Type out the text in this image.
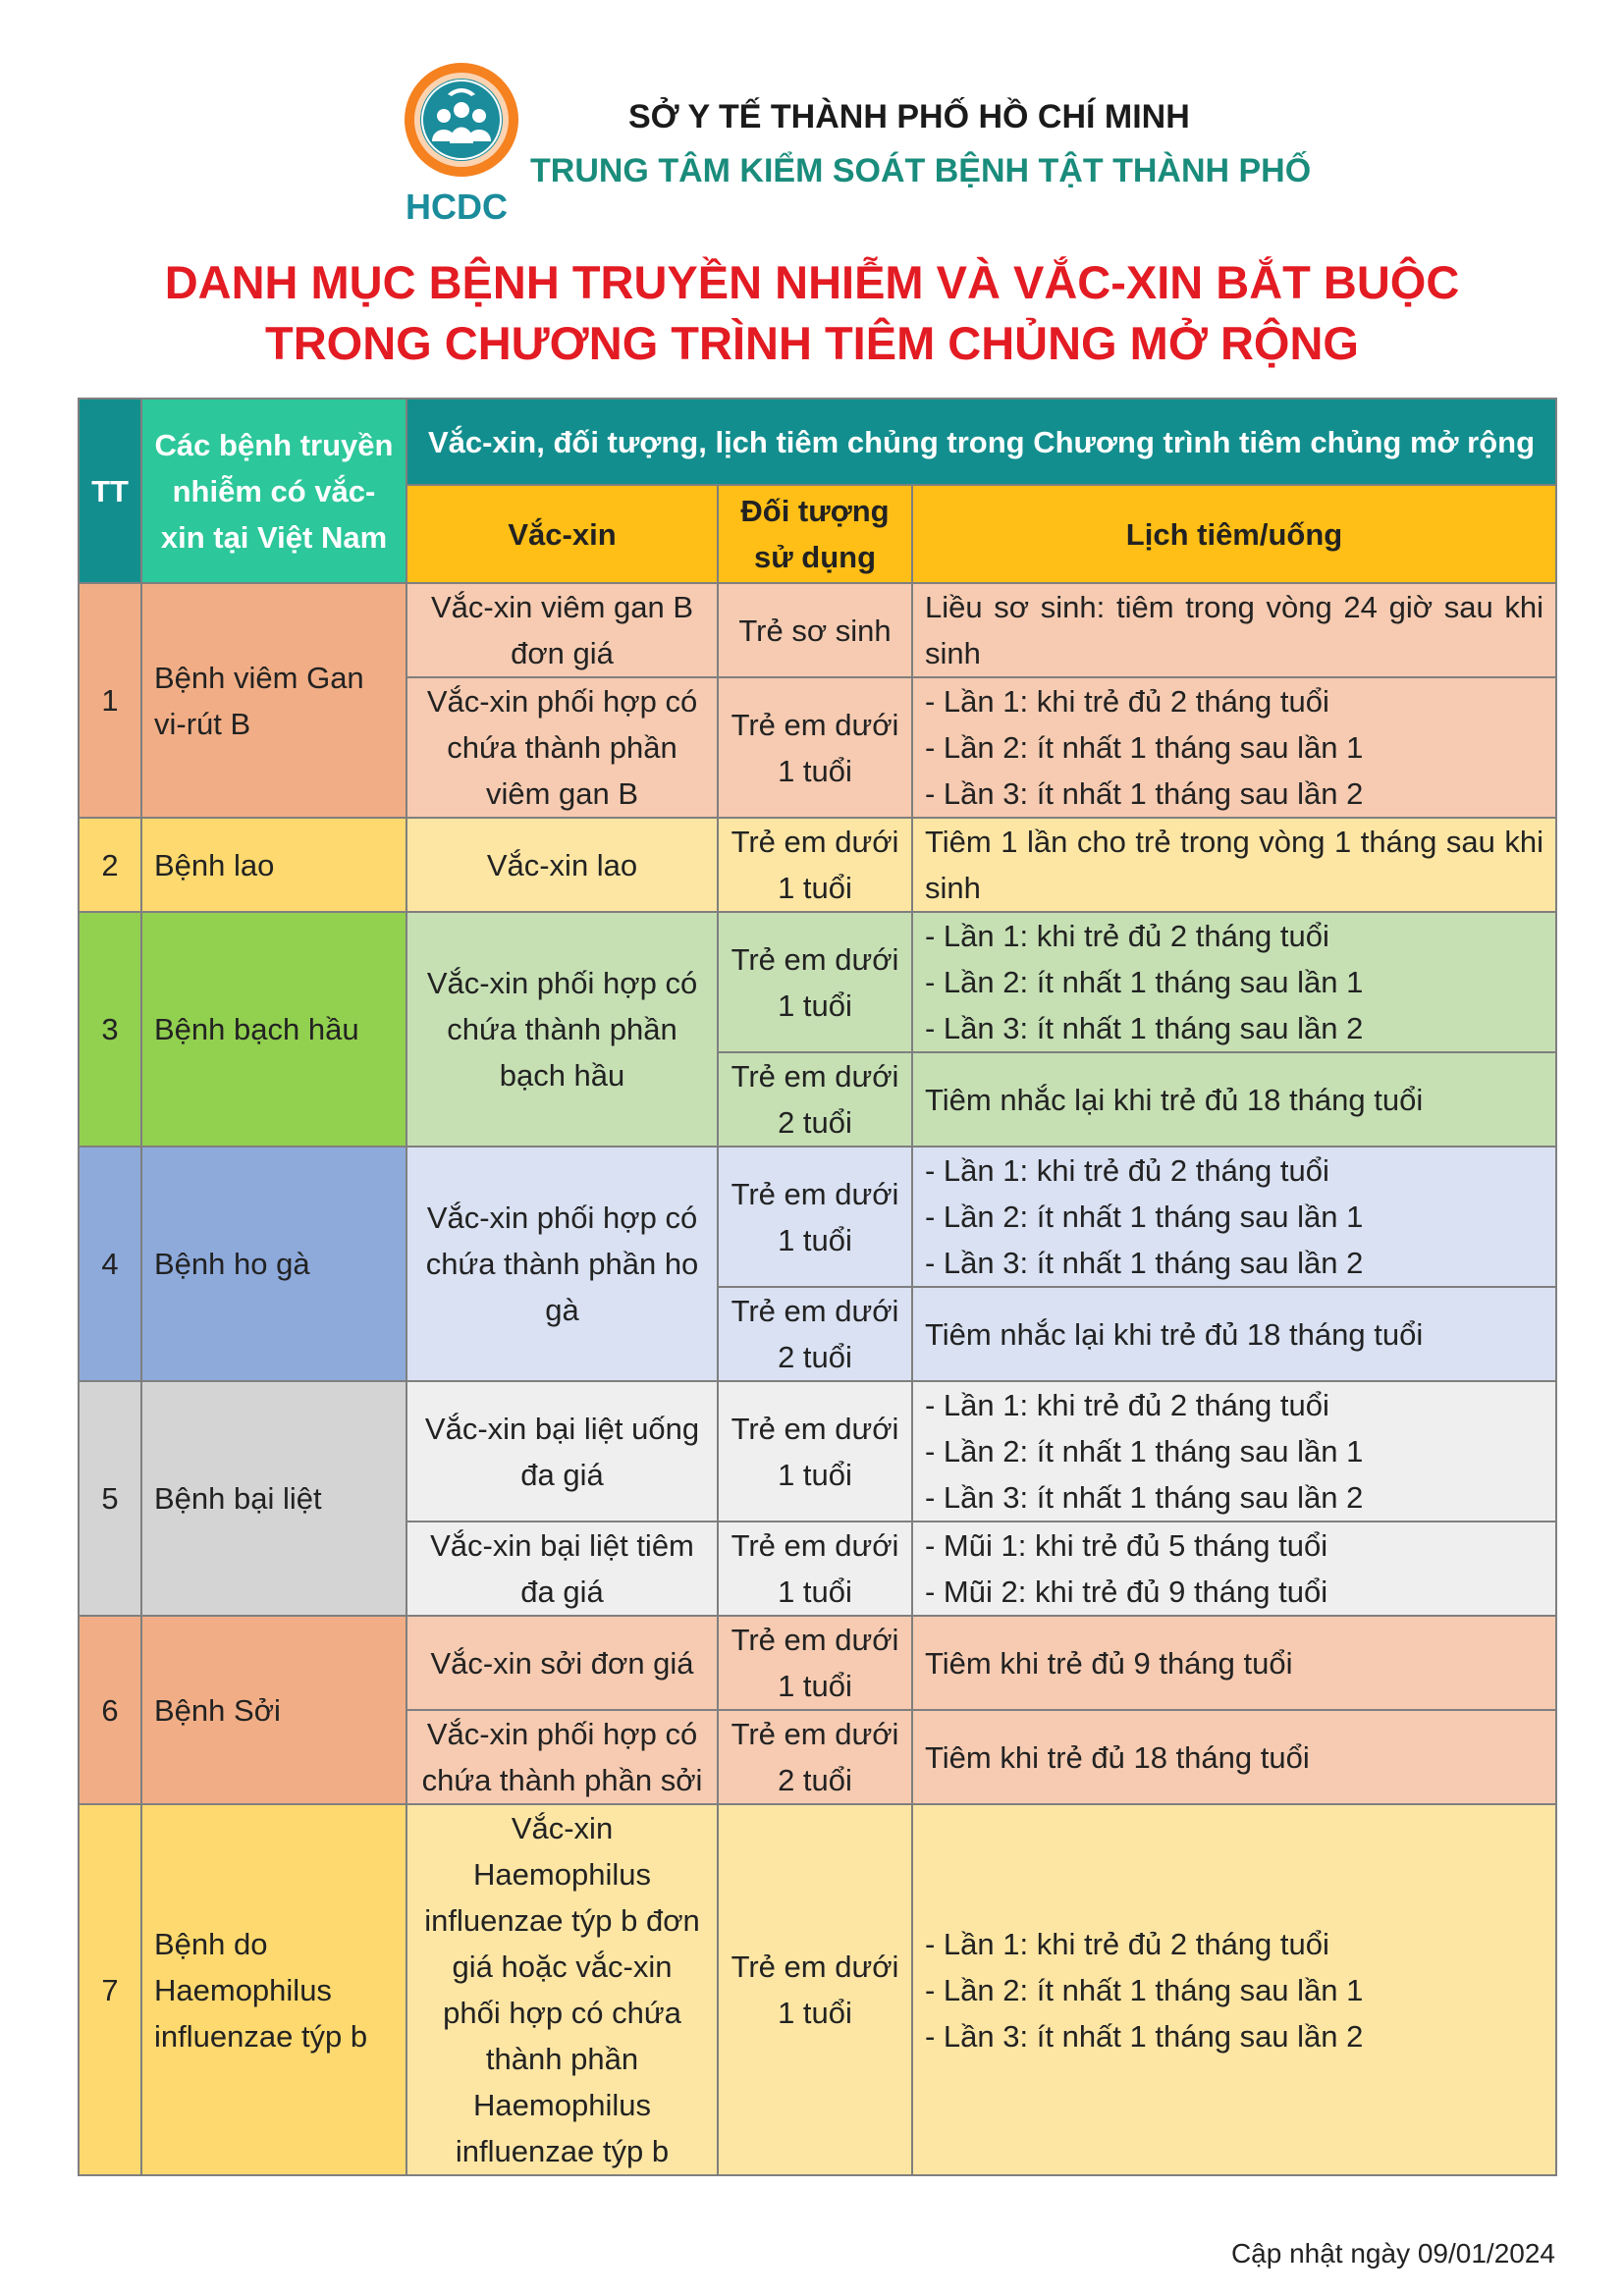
HCDC
SỞ Y TẾ THÀNH PHỐ HỒ CHÍ MINH
TRUNG TÂM KIỂM SOÁT BỆNH TẬT THÀNH PHỐ
DANH MỤC BỆNH TRUYỀN NHIỄM VÀ VẮC-XIN BẮT BUỘC
TRONG CHƯƠNG TRÌNH TIÊM CHỦNG MỞ RỘNG
TT	Các bệnh truyền nhiễm có vắc-xin tại Việt Nam	Vắc-xin, đối tượng, lịch tiêm chủng trong Chương trình tiêm chủng mở rộng		
		Vắc-xin	Đối tượng sử dụng	Lịch tiêm/uống
1	Bệnh viêm Gan vi-rút B	Vắc-xin viêm gan B đơn giá	Trẻ sơ sinh	Liều sơ sinh: tiêm trong vòng 24 giờ sau khi sinh
		Vắc-xin phối hợp có chứa thành phần viêm gan B	Trẻ em dưới 1 tuổi	- Lần 1: khi trẻ đủ 2 tháng tuổi
- Lần 2: ít nhất 1 tháng sau lần 1
- Lần 3: ít nhất 1 tháng sau lần 2

2	Bệnh lao	Vắc-xin lao	Trẻ em dưới 1 tuổi	Tiêm 1 lần cho trẻ trong vòng 1 tháng sau khi sinh
3	Bệnh bạch hầu	Vắc-xin phối hợp có chứa thành phần bạch hầu	Trẻ em dưới 1 tuổi	- Lần 1: khi trẻ đủ 2 tháng tuổi
- Lần 2: ít nhất 1 tháng sau lần 1
- Lần 3: ít nhất 1 tháng sau lần 2

			Trẻ em dưới 2 tuổi	Tiêm nhắc lại khi trẻ đủ 18 tháng tuổi
4	Bệnh ho gà	Vắc-xin phối hợp có chứa thành phần ho gà	Trẻ em dưới 1 tuổi	- Lần 1: khi trẻ đủ 2 tháng tuổi
- Lần 2: ít nhất 1 tháng sau lần 1
- Lần 3: ít nhất 1 tháng sau lần 2

			Trẻ em dưới 2 tuổi	Tiêm nhắc lại khi trẻ đủ 18 tháng tuổi
5	Bệnh bại liệt	Vắc-xin bại liệt uống đa giá	Trẻ em dưới 1 tuổi	- Lần 1: khi trẻ đủ 2 tháng tuổi
- Lần 2: ít nhất 1 tháng sau lần 1
- Lần 3: ít nhất 1 tháng sau lần 2

		Vắc-xin bại liệt tiêm đa giá	Trẻ em dưới 1 tuổi	- Mũi 1: khi trẻ đủ 5 tháng tuổi
- Mũi 2: khi trẻ đủ 9 tháng tuổi

6	Bệnh Sởi	Vắc-xin sởi đơn giá	Trẻ em dưới 1 tuổi	Tiêm khi trẻ đủ 9 tháng tuổi
		Vắc-xin phối hợp có chứa thành phần sởi	Trẻ em dưới 2 tuổi	Tiêm khi trẻ đủ 18 tháng tuổi
7	Bệnh do Haemophilus influenzae týp b	Vắc-xin Haemophilus influenzae týp b đơn giá hoặc vắc-xin phối hợp có chứa thành phần Haemophilus influenzae týp b	Trẻ em dưới 1 tuổi	- Lần 1: khi trẻ đủ 2 tháng tuổi
- Lần 2: ít nhất 1 tháng sau lần 1
- Lần 3: ít nhất 1 tháng sau lần 2
Cập nhật ngày 09/01/2024
